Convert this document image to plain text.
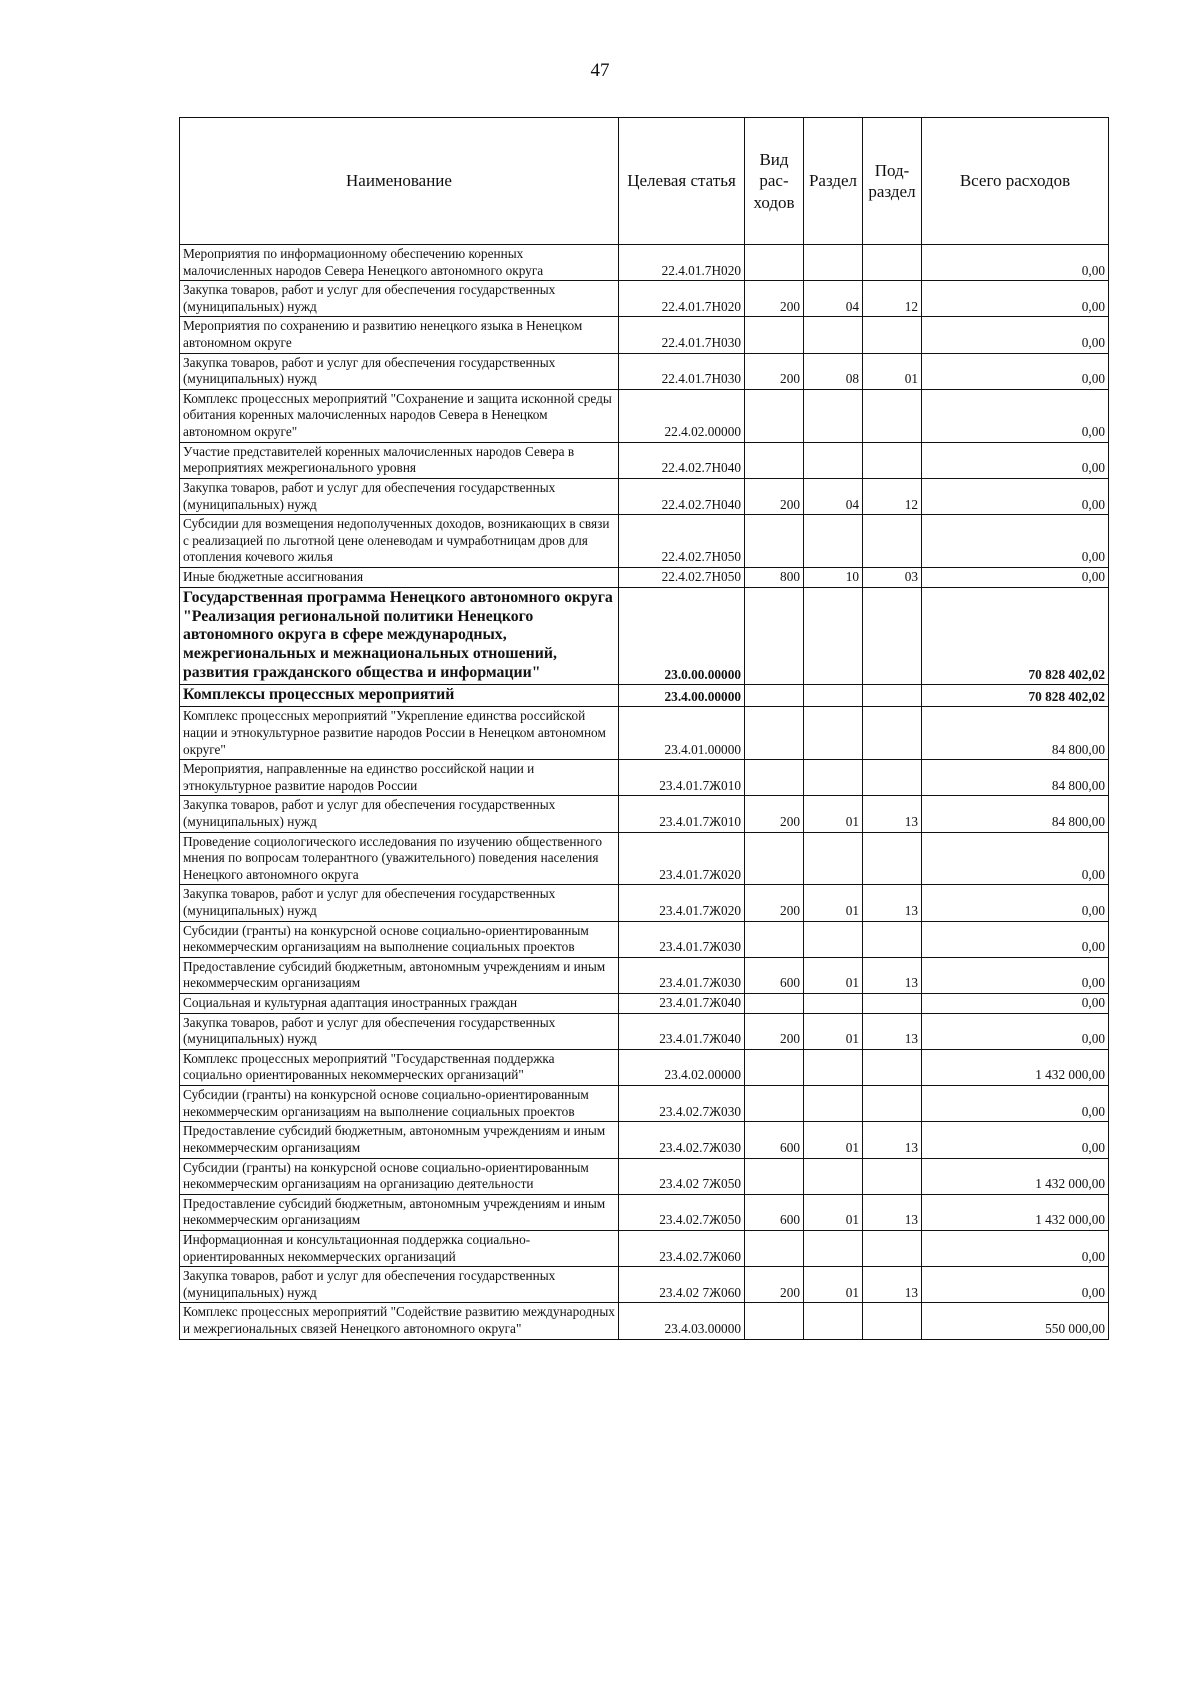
47
Наименование	Целевая статья	Вид рас- ходов	Раздел	Под- раздел	Всего расходов
Мероприятия по информационному обеспечению коренных малочисленных народов Севера Ненецкого автономного округа	22.4.01.7Н020				0,00
Закупка товаров, работ и услуг для обеспечения государственных (муниципальных) нужд	22.4.01.7Н020	200	04	12	0,00
Мероприятия по сохранению и развитию ненецкого языка в Ненецком автономном округе	22.4.01.7Н030				0,00
Закупка товаров, работ и услуг для обеспечения государственных (муниципальных) нужд	22.4.01.7Н030	200	08	01	0,00
Комплекс процессных мероприятий "Сохранение и защита исконной среды обитания коренных малочисленных народов Севера в Ненецком автономном округе"	22.4.02.00000				0,00
Участие представителей коренных малочисленных народов Севера в мероприятиях межрегионального уровня	22.4.02.7Н040				0,00
Закупка товаров, работ и услуг для обеспечения государственных (муниципальных) нужд	22.4.02.7Н040	200	04	12	0,00
Субсидии для возмещения недополученных доходов, возникающих в связи с реализацией по льготной цене оленеводам и чумработницам дров для отопления кочевого жилья	22.4.02.7Н050				0,00
Иные бюджетные ассигнования	22.4.02.7Н050	800	10	03	0,00
Государственная программа Ненецкого автономного округа "Реализация региональной политики Ненецкого автономного округа в сфере международных, межрегиональных и межнациональных отношений, развития гражданского общества и информации"	23.0.00.00000				70 828 402,02
Комплексы процессных мероприятий	23.4.00.00000				70 828 402,02
Комплекс процессных мероприятий "Укрепление единства российской нации и этнокультурное развитие народов России в Ненецком автономном округе"	23.4.01.00000				84 800,00
Мероприятия, направленные на единство российской нации и этнокультурное развитие народов России	23.4.01.7Ж010				84 800,00
Закупка товаров, работ и услуг для обеспечения государственных (муниципальных) нужд	23.4.01.7Ж010	200	01	13	84 800,00
Проведение социологического исследования по изучению общественного мнения по вопросам толерантного (уважительного) поведения населения Ненецкого автономного округа	23.4.01.7Ж020				0,00
Закупка товаров, работ и услуг для обеспечения государственных (муниципальных) нужд	23.4.01.7Ж020	200	01	13	0,00
Субсидии (гранты) на конкурсной основе социально-ориентированным некоммерческим организациям на выполнение социальных проектов	23.4.01.7Ж030				0,00
Предоставление субсидий бюджетным, автономным учреждениям и иным некоммерческим организациям	23.4.01.7Ж030	600	01	13	0,00
Социальная и культурная адаптация иностранных граждан	23.4.01.7Ж040				0,00
Закупка товаров, работ и услуг для обеспечения государственных (муниципальных) нужд	23.4.01.7Ж040	200	01	13	0,00
Комплекс процессных мероприятий "Государственная поддержка социально ориентированных некоммерческих организаций"	23.4.02.00000				1 432 000,00
Субсидии (гранты) на конкурсной основе социально-ориентированным некоммерческим организациям на выполнение социальных проектов	23.4.02.7Ж030				0,00
Предоставление субсидий бюджетным, автономным учреждениям и иным некоммерческим организациям	23.4.02.7Ж030	600	01	13	0,00
Субсидии (гранты) на конкурсной основе социально-ориентированным некоммерческим организациям на организацию деятельности	23.4.02 7Ж050				1 432 000,00
Предоставление субсидий бюджетным, автономным учреждениям и иным некоммерческим организациям	23.4.02.7Ж050	600	01	13	1 432 000,00
Информационная и консультационная поддержка социально-ориентированных некоммерческих организаций	23.4.02.7Ж060				0,00
Закупка товаров, работ и услуг для обеспечения государственных (муниципальных) нужд	23.4.02 7Ж060	200	01	13	0,00
Комплекс процессных мероприятий "Содействие развитию международных и межрегиональных связей Ненецкого автономного округа"	23.4.03.00000				550 000,00
